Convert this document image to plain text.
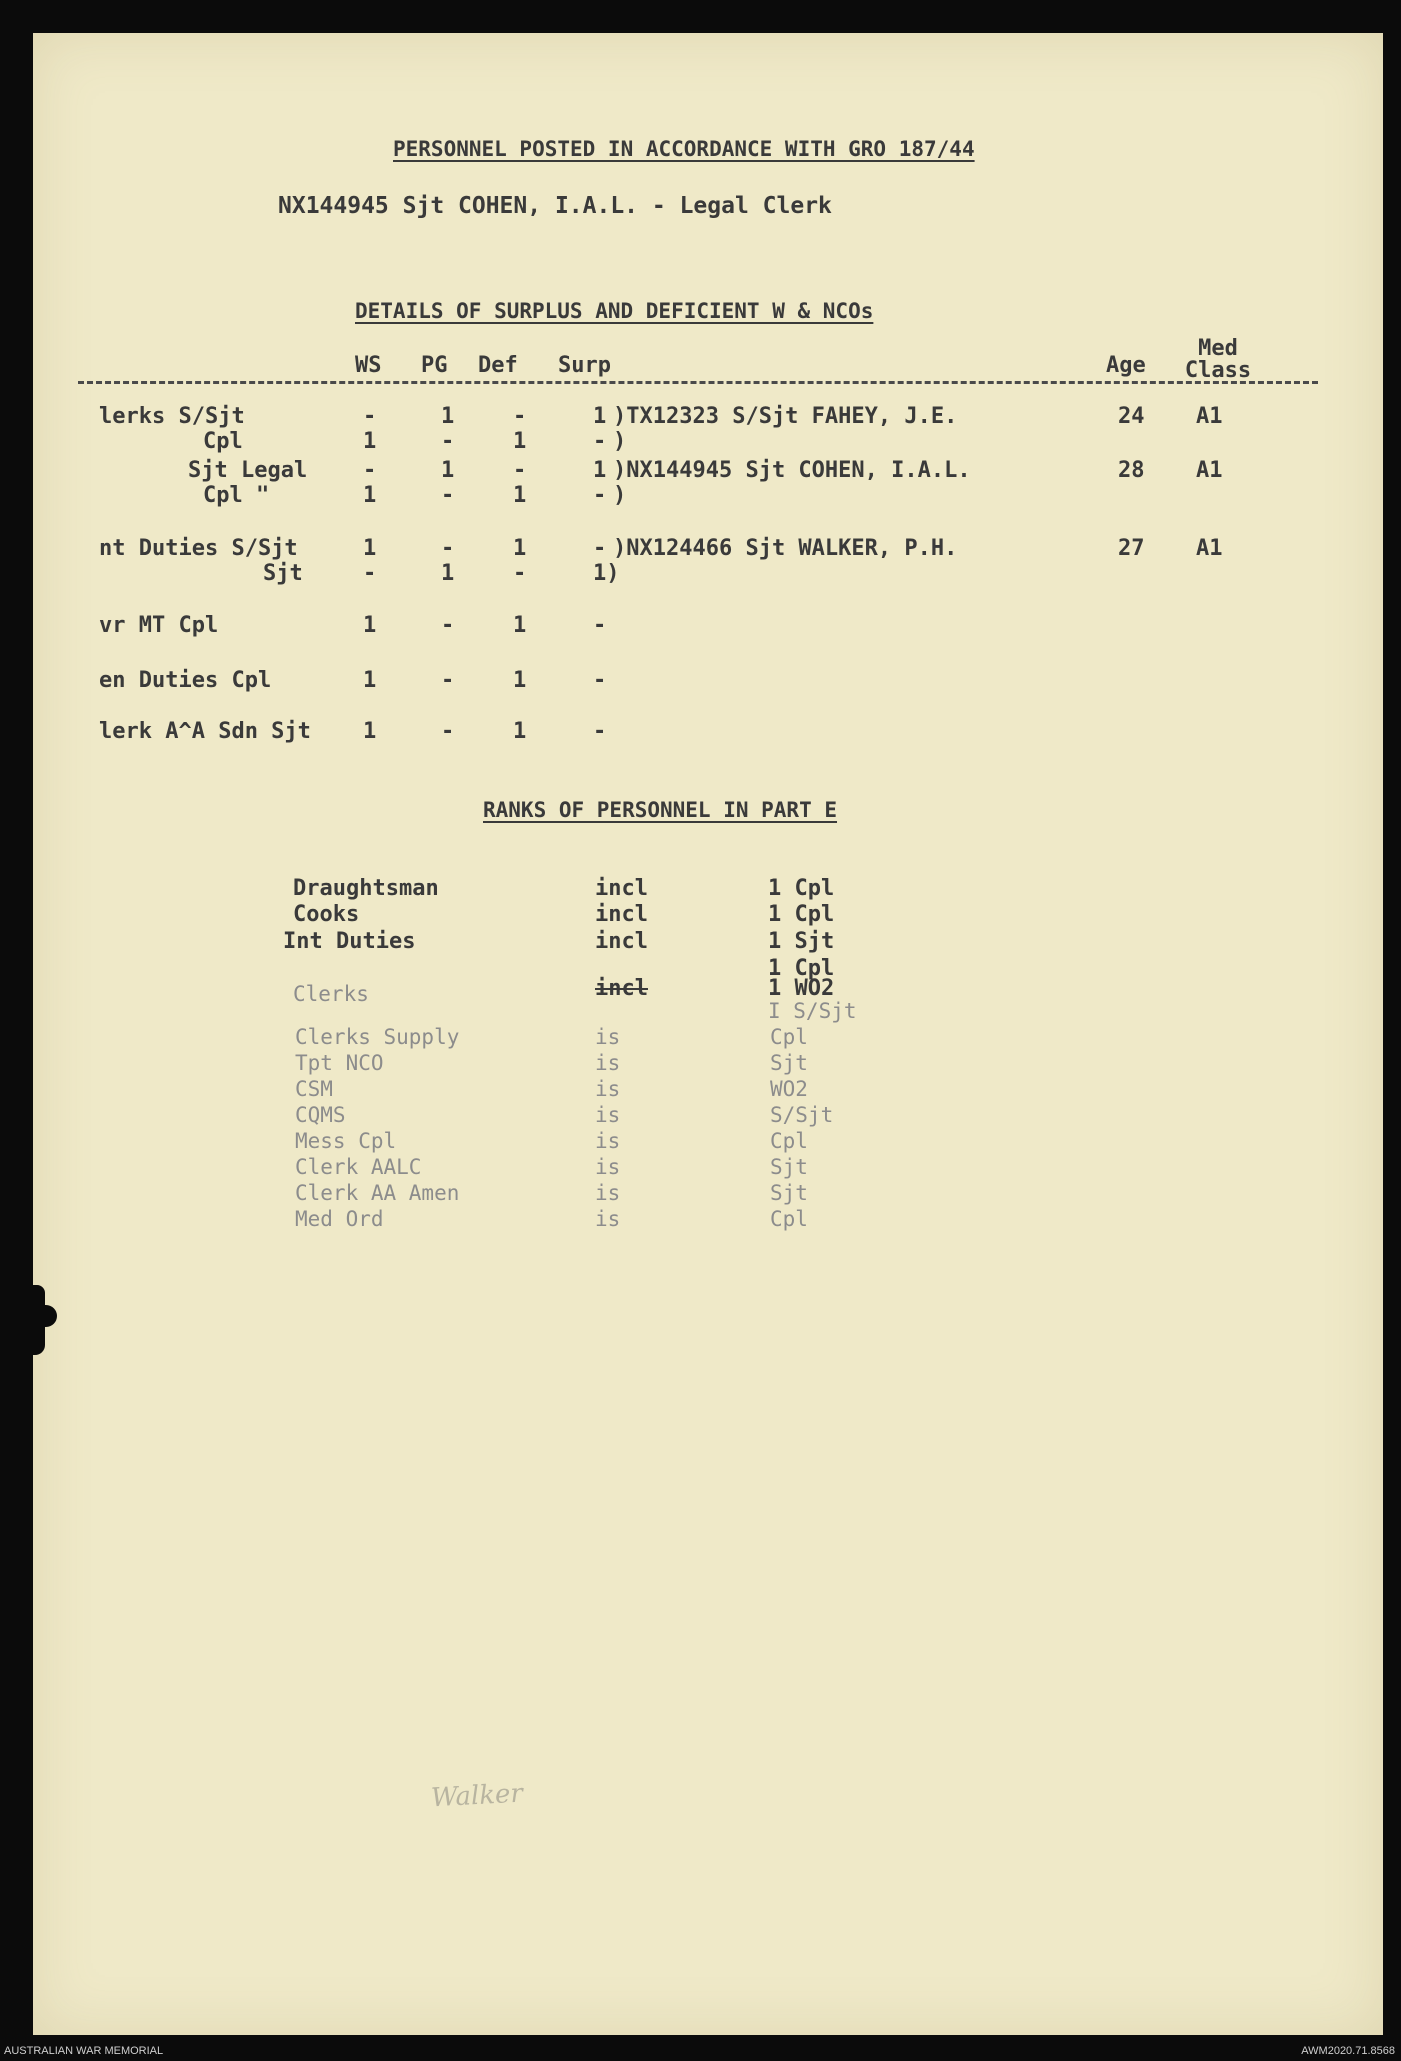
PERSONNEL POSTED IN ACCORDANCE WITH GRO 187/44
NX144945 Sjt COHEN, I.A.L. - Legal Clerk
DETAILS OF SURPLUS AND DEFICIENT W & NCOs
WS PG Def Surp	Age
Med Class
lerks S/Sjt	-	1	-	1 )TX12323 S/Sjt FAHEY, J.E.	24 A1
Cpl	1	-	1	- )
Sjt Legal	-	1	-	1 )NX144945 Sjt COHEN, I.A.L.	28 A1
Cpl "	1	-	1	- )
nt Duties S/Sjt	1	-	1	- )NX124466 Sjt WALKER, P.H.	27 A1
Sjt	-	1	-	1)
vr MT Cpl	1	-	1	-
en Duties Cpl	1	-	1	-
lerk A^A Sdn Sjt 1	-	1	-
RANKS OF PERSONNEL IN PART E
Draughtsman	incl	1 Cpl
Cooks	incl	1 Cpl
Int Duties	incl	1 Sjt
1 Cpl
Clerks	incl	1 WO2
I S/Sjt
Clerks Supply	is	Cpl
Tpt NCO	is	Sjt
CSM	is	WO2
CQMS	is	S/Sjt
Mess Cpl	is	Cpl
Clerk AALC	is	Sjt
Clerk AA Amen	is	Sjt
Med Ord	is	Cpl
Walker
AUSTRALIAN WAR MEMORIAL	AWM2020.71.8568
